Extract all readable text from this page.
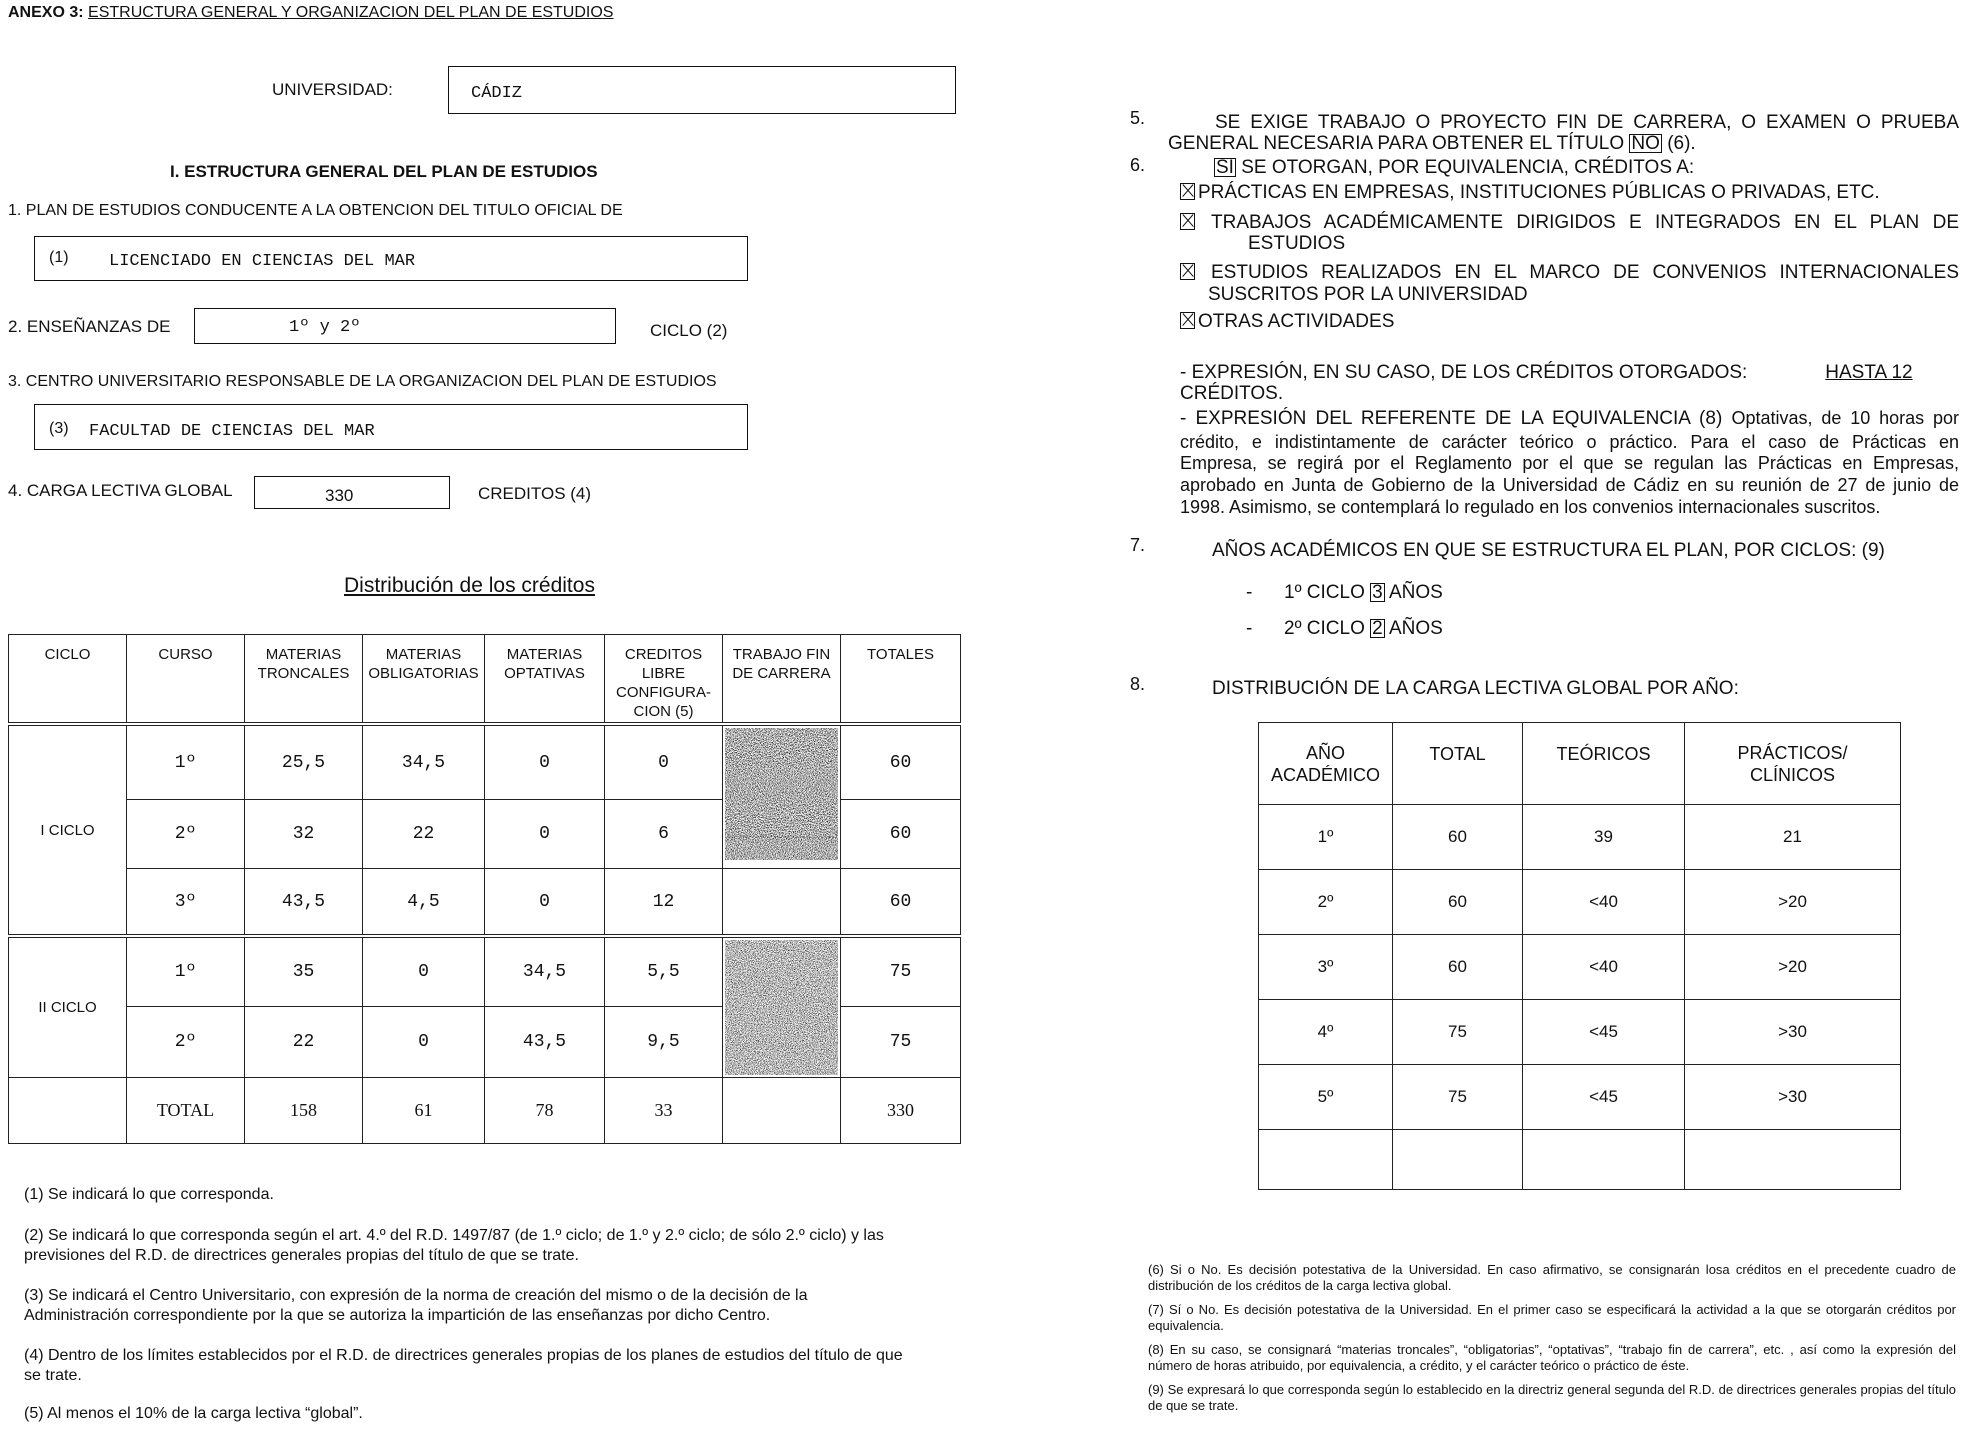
ANEXO 3: ESTRUCTURA GENERAL Y ORGANIZACION DEL PLAN DE ESTUDIOS
UNIVERSIDAD:	CÁDIZ
I. ESTRUCTURA GENERAL DEL PLAN DE ESTUDIOS
1. PLAN DE ESTUDIOS CONDUCENTE A LA OBTENCION DEL TITULO OFICIAL DE
(1) LICENCIADO EN CIENCIAS DEL MAR
2. ENSEÑANZAS DE	1º y 2º	CICLO (2)
3. CENTRO UNIVERSITARIO RESPONSABLE DE LA ORGANIZACION DEL PLAN DE ESTUDIOS
(3) FACULTAD DE CIENCIAS DEL MAR
4. CARGA LECTIVA GLOBAL	330	CREDITOS (4)
Distribución de los créditos
CICLO	CURSO	MATERIAS TRONCALES	MATERIAS OBLIGATORIAS	MATERIAS OPTATIVAS	CREDITOS LIBRE CONFIGURA- CION (5)	TRABAJO FIN DE CARRERA	TOTALES
I CICLO	1º	25,5	34,5	0	0		60
	2º	32	22	0	6		60
	3º	43,5	4,5	0	12		60
II CICLO	1º	35	0	34,5	5,5		75
	2º	22	0	43,5	9,5		75
	TOTAL	158	61	78	33		330
(1) Se indicará lo que corresponda.
(2) Se indicará lo que corresponda según el art. 4.º del R.D. 1497/87 (de 1.º ciclo; de 1.º y 2.º ciclo; de sólo 2.º ciclo) y las previsiones del R.D. de directrices generales propias del título de que se trate.
(3) Se indicará el Centro Universitario, con expresión de la norma de creación del mismo o de la decisión de la Administración correspondiente por la que se autoriza la impartición de las enseñanzas por dicho Centro.
(4) Dentro de los límites establecidos por el R.D. de directrices generales propias de los planes de estudios del título de que se trate.
(5) Al menos el 10% de la carga lectiva “global”.
5.	SE EXIGE TRABAJO O PROYECTO FIN DE CARRERA, O EXAMEN O PRUEBA
GENERAL NECESARIA PARA OBTENER EL TÍTULO NO (6).
6.	SI SE OTORGAN, POR EQUIVALENCIA, CRÉDITOS A:
PRÁCTICAS EN EMPRESAS, INSTITUCIONES PÚBLICAS O PRIVADAS, ETC.
TRABAJOS ACADÉMICAMENTE DIRIGIDOS E INTEGRADOS EN EL PLAN DE
ESTUDIOS
ESTUDIOS REALIZADOS EN EL MARCO DE CONVENIOS INTERNACIONALES
SUSCRITOS POR LA UNIVERSIDAD
OTRAS ACTIVIDADES
- EXPRESIÓN, EN SU CASO, DE LOS CRÉDITOS OTORGADOS:	HASTA 12
CRÉDITOS.
- EXPRESIÓN DEL REFERENTE DE LA EQUIVALENCIA (8) Optativas, de 10 horas por
crédito, e indistintamente de carácter teórico o práctico. Para el caso de Prácticas en
Empresa, se regirá por el Reglamento por el que se regulan las Prácticas en Empresas,
aprobado en Junta de Gobierno de la Universidad de Cádiz en su reunión de 27 de junio de
1998. Asimismo, se contemplará lo regulado en los convenios internacionales suscritos.
7.	AÑOS ACADÉMICOS EN QUE SE ESTRUCTURA EL PLAN, POR CICLOS: (9)
- 1º CICLO 3 AÑOS
- 2º CICLO 2 AÑOS
8.	DISTRIBUCIÓN DE LA CARGA LECTIVA GLOBAL POR AÑO:
AÑO ACADÉMICO	TOTAL	TEÓRICOS	PRÁCTICOS/ CLÍNICOS
1º	60	39	21
2º	60	<40	>20
3º	60	<40	>20
4º	75	<45	>30
5º	75	<45	>30

(6) Si o No. Es decisión potestativa de la Universidad. En caso afirmativo, se consignarán losa créditos en el precedente cuadro de distribución de los créditos de la carga lectiva global.
(7) Sí o No. Es decisión potestativa de la Universidad. En el primer caso se especificará la actividad a la que se otorgarán créditos por equivalencia.
(8) En su caso, se consignará “materias troncales”, “obligatorias”, “optativas”, “trabajo fin de carrera”, etc. , así como la expresión del número de horas atribuido, por equivalencia, a crédito, y el carácter teórico o práctico de éste.
(9) Se expresará lo que corresponda según lo establecido en la directriz general segunda del R.D. de directrices generales propias del título de que se trate.
